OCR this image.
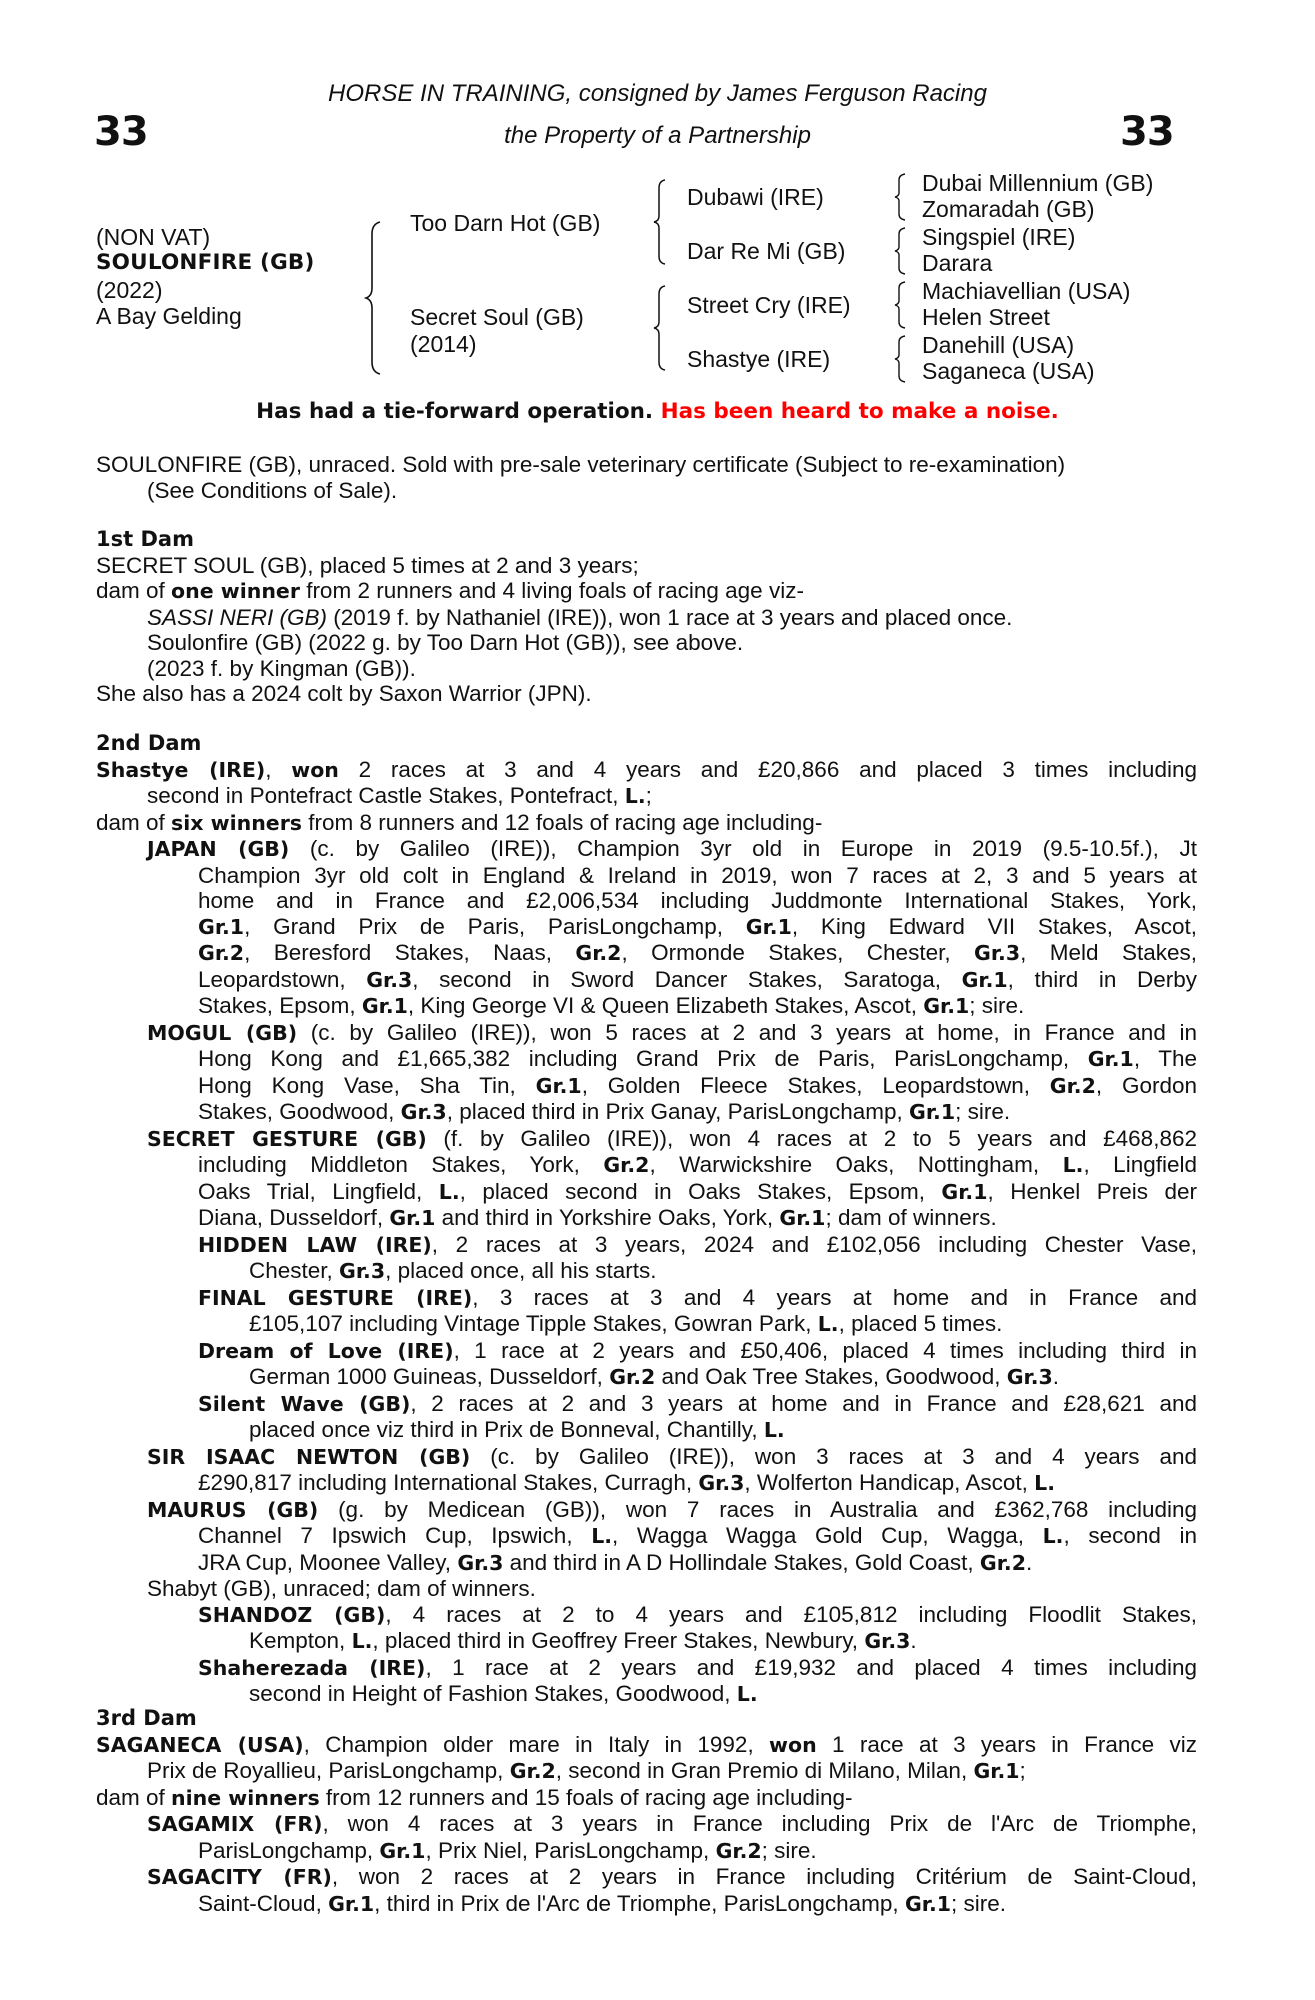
33	33
HORSE IN TRAINING, consigned by James Ferguson Racing
the Property of a Partnership
(NON VAT)
SOULONFIRE (GB)
(2022)
A Bay Gelding
Too Darn Hot (GB)
Secret Soul (GB)
(2014)
Dubawi (IRE)
Dar Re Mi (GB)
Street Cry (IRE)
Shastye (IRE)
Dubai Millennium (GB)
Zomaradah (GB)
Singspiel (IRE)
Darara
Machiavellian (USA)
Helen Street
Danehill (USA)
Saganeca (USA)
Has had a tie-forward operation. Has been heard to make a noise.
SOULONFIRE (GB), unraced. Sold with pre-sale veterinary certificate (Subject to re-examination)
(See Conditions of Sale).
1st Dam
SECRET SOUL (GB), placed 5 times at 2 and 3 years;
dam of one winner from 2 runners and 4 living foals of racing age viz-
SASSI NERI (GB) (2019 f. by Nathaniel (IRE)), won 1 race at 3 years and placed once.
Soulonfire (GB) (2022 g. by Too Darn Hot (GB)), see above.
(2023 f. by Kingman (GB)).
She also has a 2024 colt by Saxon Warrior (JPN).
2nd Dam
Shastye (IRE), won 2 races at 3 and 4 years and £20,866 and placed 3 times including
second in Pontefract Castle Stakes, Pontefract, L.;
dam of six winners from 8 runners and 12 foals of racing age including-
JAPAN (GB) (c. by Galileo (IRE)), Champion 3yr old in Europe in 2019 (9.5-10.5f.), Jt
Champion 3yr old colt in England & Ireland in 2019, won 7 races at 2, 3 and 5 years at
home and in France and £2,006,534 including Juddmonte International Stakes, York,
Gr.1, Grand Prix de Paris, ParisLongchamp, Gr.1, King Edward VII Stakes, Ascot,
Gr.2, Beresford Stakes, Naas, Gr.2, Ormonde Stakes, Chester, Gr.3, Meld Stakes,
Leopardstown, Gr.3, second in Sword Dancer Stakes, Saratoga, Gr.1, third in Derby
Stakes, Epsom, Gr.1, King George VI & Queen Elizabeth Stakes, Ascot, Gr.1; sire.
MOGUL (GB) (c. by Galileo (IRE)), won 5 races at 2 and 3 years at home, in France and in
Hong Kong and £1,665,382 including Grand Prix de Paris, ParisLongchamp, Gr.1, The
Hong Kong Vase, Sha Tin, Gr.1, Golden Fleece Stakes, Leopardstown, Gr.2, Gordon
Stakes, Goodwood, Gr.3, placed third in Prix Ganay, ParisLongchamp, Gr.1; sire.
SECRET GESTURE (GB) (f. by Galileo (IRE)), won 4 races at 2 to 5 years and £468,862
including Middleton Stakes, York, Gr.2, Warwickshire Oaks, Nottingham, L., Lingfield
Oaks Trial, Lingfield, L., placed second in Oaks Stakes, Epsom, Gr.1, Henkel Preis der
Diana, Dusseldorf, Gr.1 and third in Yorkshire Oaks, York, Gr.1; dam of winners.
HIDDEN LAW (IRE), 2 races at 3 years, 2024 and £102,056 including Chester Vase,
Chester, Gr.3, placed once, all his starts.
FINAL GESTURE (IRE), 3 races at 3 and 4 years at home and in France and
£105,107 including Vintage Tipple Stakes, Gowran Park, L., placed 5 times.
Dream of Love (IRE), 1 race at 2 years and £50,406, placed 4 times including third in
German 1000 Guineas, Dusseldorf, Gr.2 and Oak Tree Stakes, Goodwood, Gr.3.
Silent Wave (GB), 2 races at 2 and 3 years at home and in France and £28,621 and
placed once viz third in Prix de Bonneval, Chantilly, L.
SIR ISAAC NEWTON (GB) (c. by Galileo (IRE)), won 3 races at 3 and 4 years and
£290,817 including International Stakes, Curragh, Gr.3, Wolferton Handicap, Ascot, L.
MAURUS (GB) (g. by Medicean (GB)), won 7 races in Australia and £362,768 including
Channel 7 Ipswich Cup, Ipswich, L., Wagga Wagga Gold Cup, Wagga, L., second in
JRA Cup, Moonee Valley, Gr.3 and third in A D Hollindale Stakes, Gold Coast, Gr.2.
Shabyt (GB), unraced; dam of winners.
SHANDOZ (GB), 4 races at 2 to 4 years and £105,812 including Floodlit Stakes,
Kempton, L., placed third in Geoffrey Freer Stakes, Newbury, Gr.3.
Shaherezada (IRE), 1 race at 2 years and £19,932 and placed 4 times including
second in Height of Fashion Stakes, Goodwood, L.
3rd Dam
SAGANECA (USA), Champion older mare in Italy in 1992, won 1 race at 3 years in France viz
Prix de Royallieu, ParisLongchamp, Gr.2, second in Gran Premio di Milano, Milan, Gr.1;
dam of nine winners from 12 runners and 15 foals of racing age including-
SAGAMIX (FR), won 4 races at 3 years in France including Prix de l'Arc de Triomphe,
ParisLongchamp, Gr.1, Prix Niel, ParisLongchamp, Gr.2; sire.
SAGACITY (FR), won 2 races at 2 years in France including Critérium de Saint-Cloud,
Saint-Cloud, Gr.1, third in Prix de l'Arc de Triomphe, ParisLongchamp, Gr.1; sire.
